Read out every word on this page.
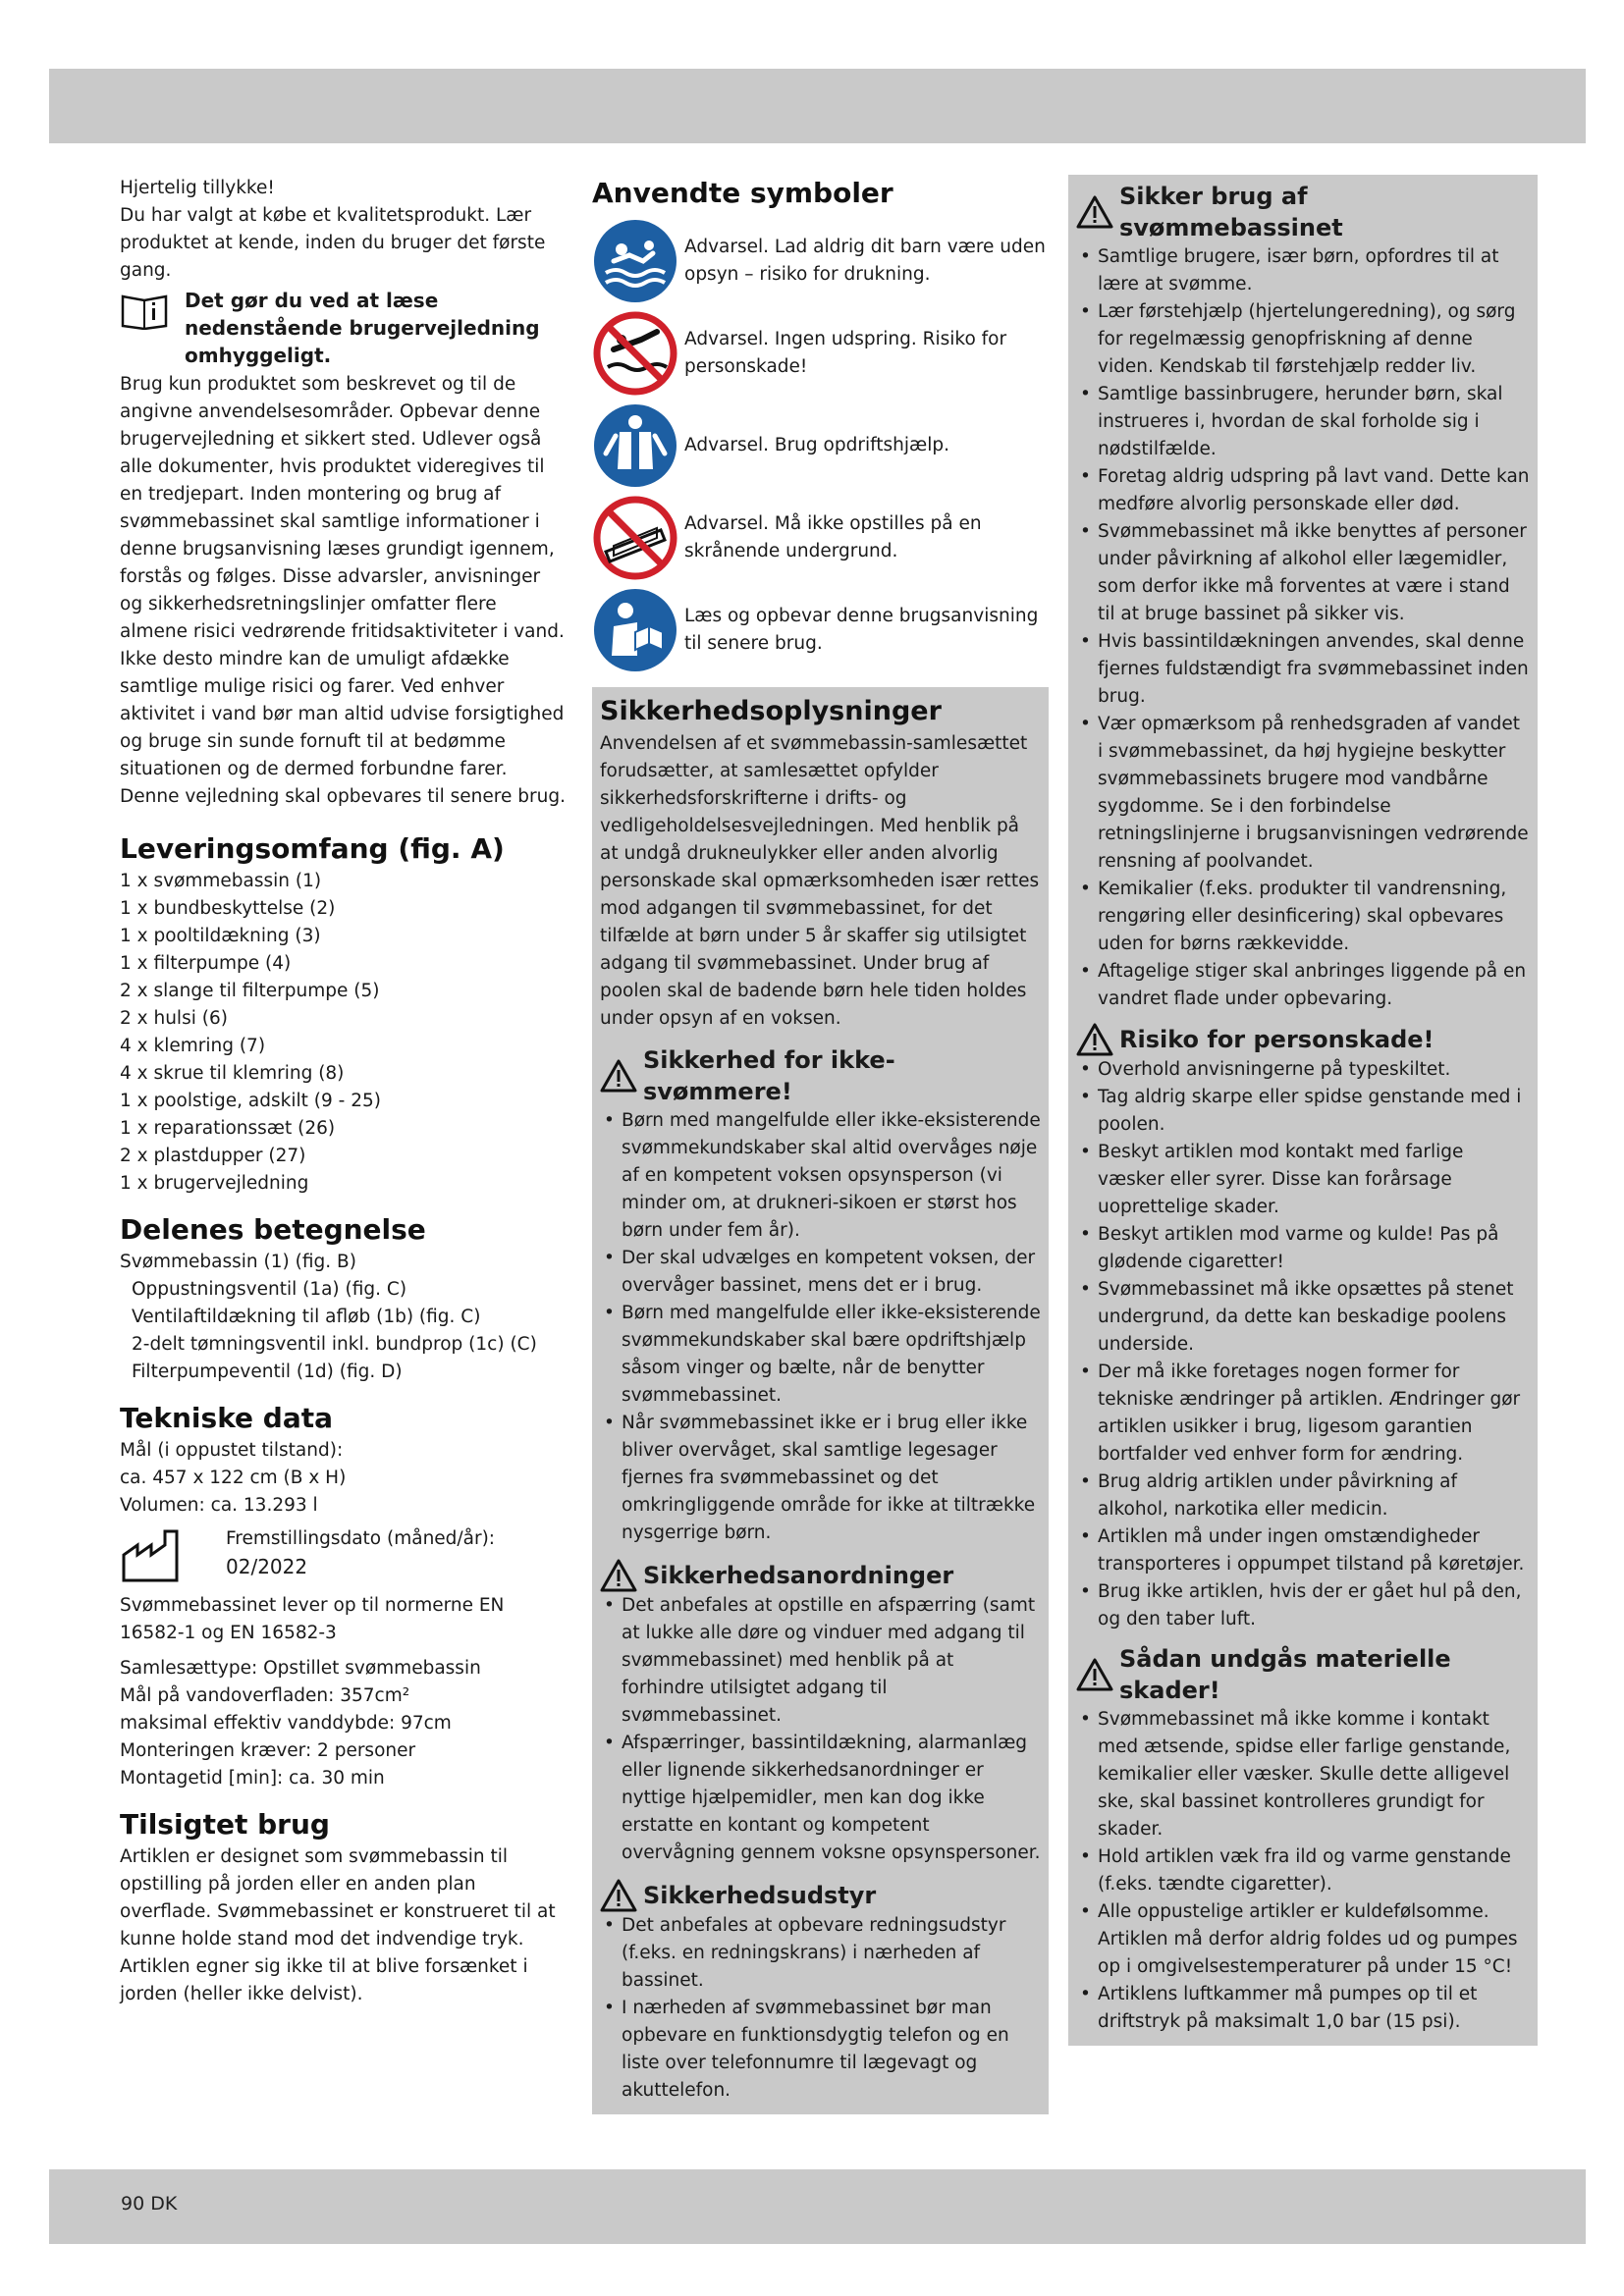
Hjertelig tillykke!

Du har valgt at købe et kvalitetsprodukt. Lær produktet at kende, inden du bruger det første gang.

Det gør du ved at læse nedenstående brugervejledning omhyggeligt.

Brug kun produktet som beskrevet og til de angivne anvendelsesområder. Opbevar denne brugervejledning et sikkert sted. Udlever også alle dokumenter, hvis produktet videregives til en tredjepart. Inden montering og brug af svømmebassinet skal samtlige informationer i denne brugsanvisning læses grundigt igennem, forstås og følges. Disse advarsler, anvisninger og sikkerhedsretningslinjer omfatter flere almene risici vedrørende fritidsaktiviteter i vand. Ikke desto mindre kan de umuligt afdække samtlige mulige risici og farer. Ved enhver aktivitet i vand bør man altid udvise forsigtighed og bruge sin sunde fornuft til at bedømme situationen og de dermed forbundne farer. Denne vejledning skal opbevares til senere brug.

Leveringsomfang (fig. A)
1 x svømmebassin (1)
1 x bundbeskyttelse (2)
1 x pooltildækning (3)
1 x filterpumpe (4)
2 x slange til filterpumpe (5)
2 x hulsi (6)
4 x klemring (7)
4 x skrue til klemring (8)
1 x poolstige, adskilt (9 - 25)
1 x reparationssæt (26)
2 x plastdupper (27)
1 x brugervejledning
Delenes betegnelse
Svømmebassin (1) (fig. B)
Oppustningsventil (1a) (fig. C)
Ventilaftildækning til afløb (1b) (fig. C)
2-delt tømningsventil inkl. bundprop (1c) (C)
Filterpumpeventil (1d) (fig. D)
Tekniske data

Mål (i oppustet tilstand):

ca. 457 x 122 cm (B x H)

Volumen: ca. 13.293 l

Fremstillingsdato (måned/år):

02/2022

Svømmebassinet lever op til normerne EN 16582-1 og EN 16582-3

Samlesættype: Opstillet svømmebassin
Mål på vandoverfladen: 357cm²
maksimal effektiv vanddybde: 97cm
Monteringen kræver: 2 personer
Montagetid [min]: ca. 30 min
Tilsigtet brug

Artiklen er designet som svømmebassin til opstilling på jorden eller en anden plan overflade. Svømmebassinet er konstrueret til at kunne holde stand mod det indvendige tryk. Artiklen egner sig ikke til at blive forsænket i jorden (heller ikke delvist).

Anvendte symboler

Advarsel. Lad aldrig dit barn være uden opsyn – risiko for drukning.

Advarsel. Ingen udspring. Risiko for personskade!

Advarsel. Brug opdriftshjælp.

Advarsel. Må ikke opstilles på en skrånende undergrund.

Læs og opbevar denne brugsanvisning til senere brug.

Sikkerhedsoplysninger

Anvendelsen af et svømmebassin-samlesættet forudsætter, at samlesættet opfylder sikkerhedsforskrifterne i drifts- og vedligeholdelsesvejledningen. Med henblik på at undgå drukneulykker eller anden alvorlig personskade skal opmærksomheden især rettes mod adgangen til svømmebassinet, for det tilfælde at børn under 5 år skaffer sig utilsigtet adgang til svømmebassinet. Under brug af poolen skal de badende børn hele tiden holdes under opsyn af en voksen.

Sikkerhed for ikke-svømmere!
• Børn med mangelfulde eller ikke-eksisterende svømmekundskaber skal altid overvåges nøje af en kompetent voksen opsynsperson (vi minder om, at drukneri-sikoen er størst hos børn under fem år).
• Der skal udvælges en kompetent voksen, der overvåger bassinet, mens det er i brug.
• Børn med mangelfulde eller ikke-eksisterende svømmekundskaber skal bære opdriftshjælp såsom vinger og bælte, når de benytter svømmebassinet.
• Når svømmebassinet ikke er i brug eller ikke bliver overvåget, skal samtlige legesager fjernes fra svømmebassinet og det omkringliggende område for ikke at tiltrække nysgerrige børn.
Sikkerhedsanordninger
• Det anbefales at opstille en afspærring (samt at lukke alle døre og vinduer med adgang til svømmebassinet) med henblik på at forhindre utilsigtet adgang til svømmebassinet.
• Afspærringer, bassintildækning, alarmanlæg eller lignende sikkerhedsanordninger er nyttige hjælpemidler, men kan dog ikke erstatte en kontant og kompetent overvågning gennem voksne opsynspersoner.
Sikkerhedsudstyr
• Det anbefales at opbevare redningsudstyr (f.eks. en redningskrans) i nærheden af bassinet.
• I nærheden af svømmebassinet bør man opbevare en funktionsdygtig telefon og en liste over telefonnumre til lægevagt og akuttelefon.
Sikker brug af svømmebassinet
• Samtlige brugere, især børn, opfordres til at lære at svømme.
• Lær førstehjælp (hjertelungeredning), og sørg for regelmæssig genopfriskning af denne viden. Kendskab til førstehjælp redder liv.
• Samtlige bassinbrugere, herunder børn, skal instrueres i, hvordan de skal forholde sig i nødstilfælde.
• Foretag aldrig udspring på lavt vand. Dette kan medføre alvorlig personskade eller død.
• Svømmebassinet må ikke benyttes af personer under påvirkning af alkohol eller lægemidler, som derfor ikke må forventes at være i stand til at bruge bassinet på sikker vis.
• Hvis bassintildækningen anvendes, skal denne fjernes fuldstændigt fra svømmebassinet inden brug.
• Vær opmærksom på renhedsgraden af vandet i svømmebassinet, da høj hygiejne beskytter svømmebassinets brugere mod vandbårne sygdomme. Se i den forbindelse retningslinjerne i brugsanvisningen vedrørende rensning af poolvandet.
• Kemikalier (f.eks. produkter til vandrensning, rengøring eller desinficering) skal opbevares uden for børns rækkevidde.
• Aftagelige stiger skal anbringes liggende på en vandret flade under opbevaring.
Risiko for personskade!
• Overhold anvisningerne på typeskiltet.
• Tag aldrig skarpe eller spidse genstande med i poolen.
• Beskyt artiklen mod kontakt med farlige væsker eller syrer. Disse kan forårsage uoprettelige skader.
• Beskyt artiklen mod varme og kulde! Pas på glødende cigaretter!
• Svømmebassinet må ikke opsættes på stenet undergrund, da dette kan beskadige poolens underside.
• Der må ikke foretages nogen former for tekniske ændringer på artiklen. Ændringer gør artiklen usikker i brug, ligesom garantien bortfalder ved enhver form for ændring.
• Brug aldrig artiklen under påvirkning af alkohol, narkotika eller medicin.
• Artiklen må under ingen omstændigheder transporteres i oppumpet tilstand på køretøjer.
• Brug ikke artiklen, hvis der er gået hul på den, og den taber luft.
Sådan undgås materielle skader!
• Svømmebassinet må ikke komme i kontakt med ætsende, spidse eller farlige genstande, kemikalier eller væsker. Skulle dette alligevel ske, skal bassinet kontrolleres grundigt for skader.
• Hold artiklen væk fra ild og varme genstande (f.eks. tændte cigaretter).
• Alle oppustelige artikler er kuldefølsomme. Artiklen må derfor aldrig foldes ud og pumpes op i omgivelsestemperaturer på under 15 °C!
• Artiklens luftkammer må pumpes op til et driftstryk på maksimalt 1,0 bar (15 psi).
90 DK
